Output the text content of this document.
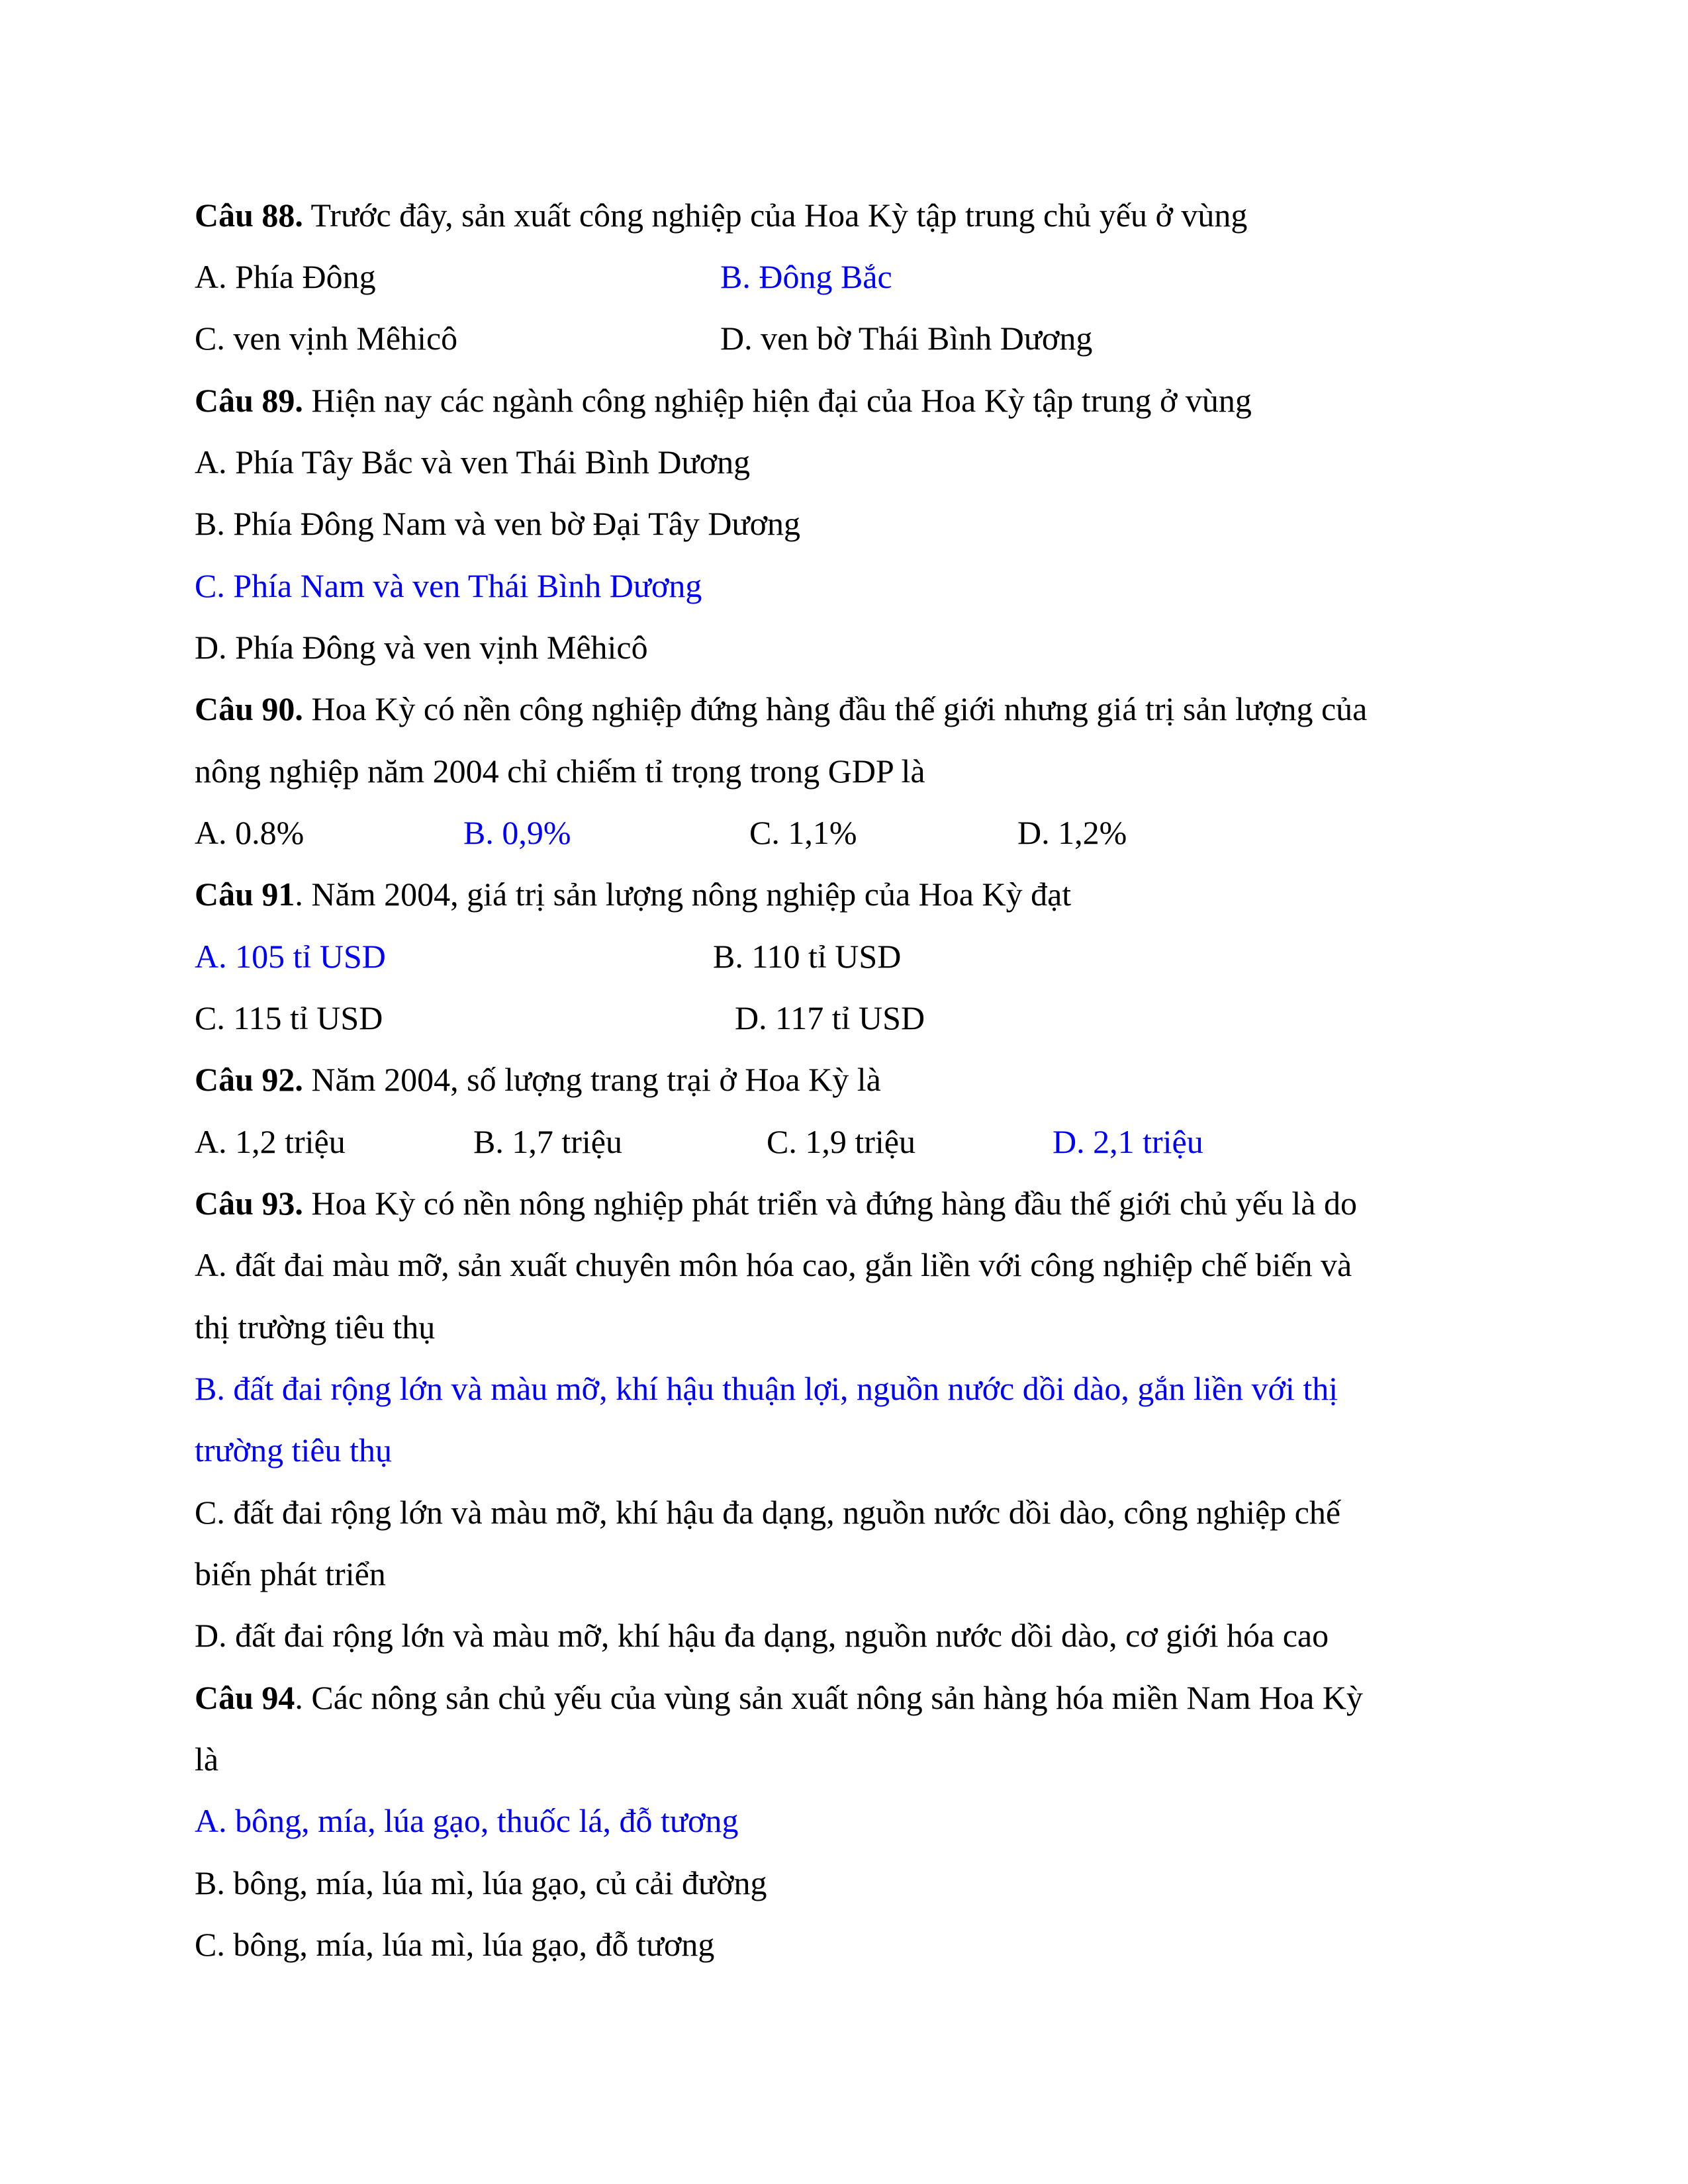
Câu 88. Trước đây, sản xuất công nghiệp của Hoa Kỳ tập trung chủ yếu ở vùng
A. Phía Đông	B. Đông Bắc
C. ven vịnh Mêhicô	D. ven bờ Thái Bình Dương
Câu 89. Hiện nay các ngành công nghiệp hiện đại của Hoa Kỳ tập trung ở vùng
A. Phía Tây Bắc và ven Thái Bình Dương
B. Phía Đông Nam và ven bờ Đại Tây Dương
C. Phía Nam và ven Thái Bình Dương
D. Phía Đông và ven vịnh Mêhicô
Câu 90. Hoa Kỳ có nền công nghiệp đứng hàng đầu thế giới nhưng giá trị sản lượng của
nông nghiệp năm 2004 chỉ chiếm tỉ trọng trong GDP là
A. 0.8%	B. 0,9%	C. 1,1%	D. 1,2%
Câu 91. Năm 2004, giá trị sản lượng nông nghiệp của Hoa Kỳ đạt
A. 105 tỉ USD	B. 110 tỉ USD
C. 115 tỉ USD	D. 117 tỉ USD
Câu 92. Năm 2004, số lượng trang trại ở Hoa Kỳ là
A. 1,2 triệu	B. 1,7 triệu	C. 1,9 triệu	D. 2,1 triệu
Câu 93. Hoa Kỳ có nền nông nghiệp phát triển và đứng hàng đầu thế giới chủ yếu là do
A. đất đai màu mỡ, sản xuất chuyên môn hóa cao, gắn liền với công nghiệp chế biến và
thị trường tiêu thụ
B. đất đai rộng lớn và màu mỡ, khí hậu thuận lợi, nguồn nước dồi dào, gắn liền với thị
trường tiêu thụ
C. đất đai rộng lớn và màu mỡ, khí hậu đa dạng, nguồn nước dồi dào, công nghiệp chế
biến phát triển
D. đất đai rộng lớn và màu mỡ, khí hậu đa dạng, nguồn nước dồi dào, cơ giới hóa cao
Câu 94. Các nông sản chủ yếu của vùng sản xuất nông sản hàng hóa miền Nam Hoa Kỳ
là
A. bông, mía, lúa gạo, thuốc lá, đỗ tương
B. bông, mía, lúa mì, lúa gạo, củ cải đường
C. bông, mía, lúa mì, lúa gạo, đỗ tương
